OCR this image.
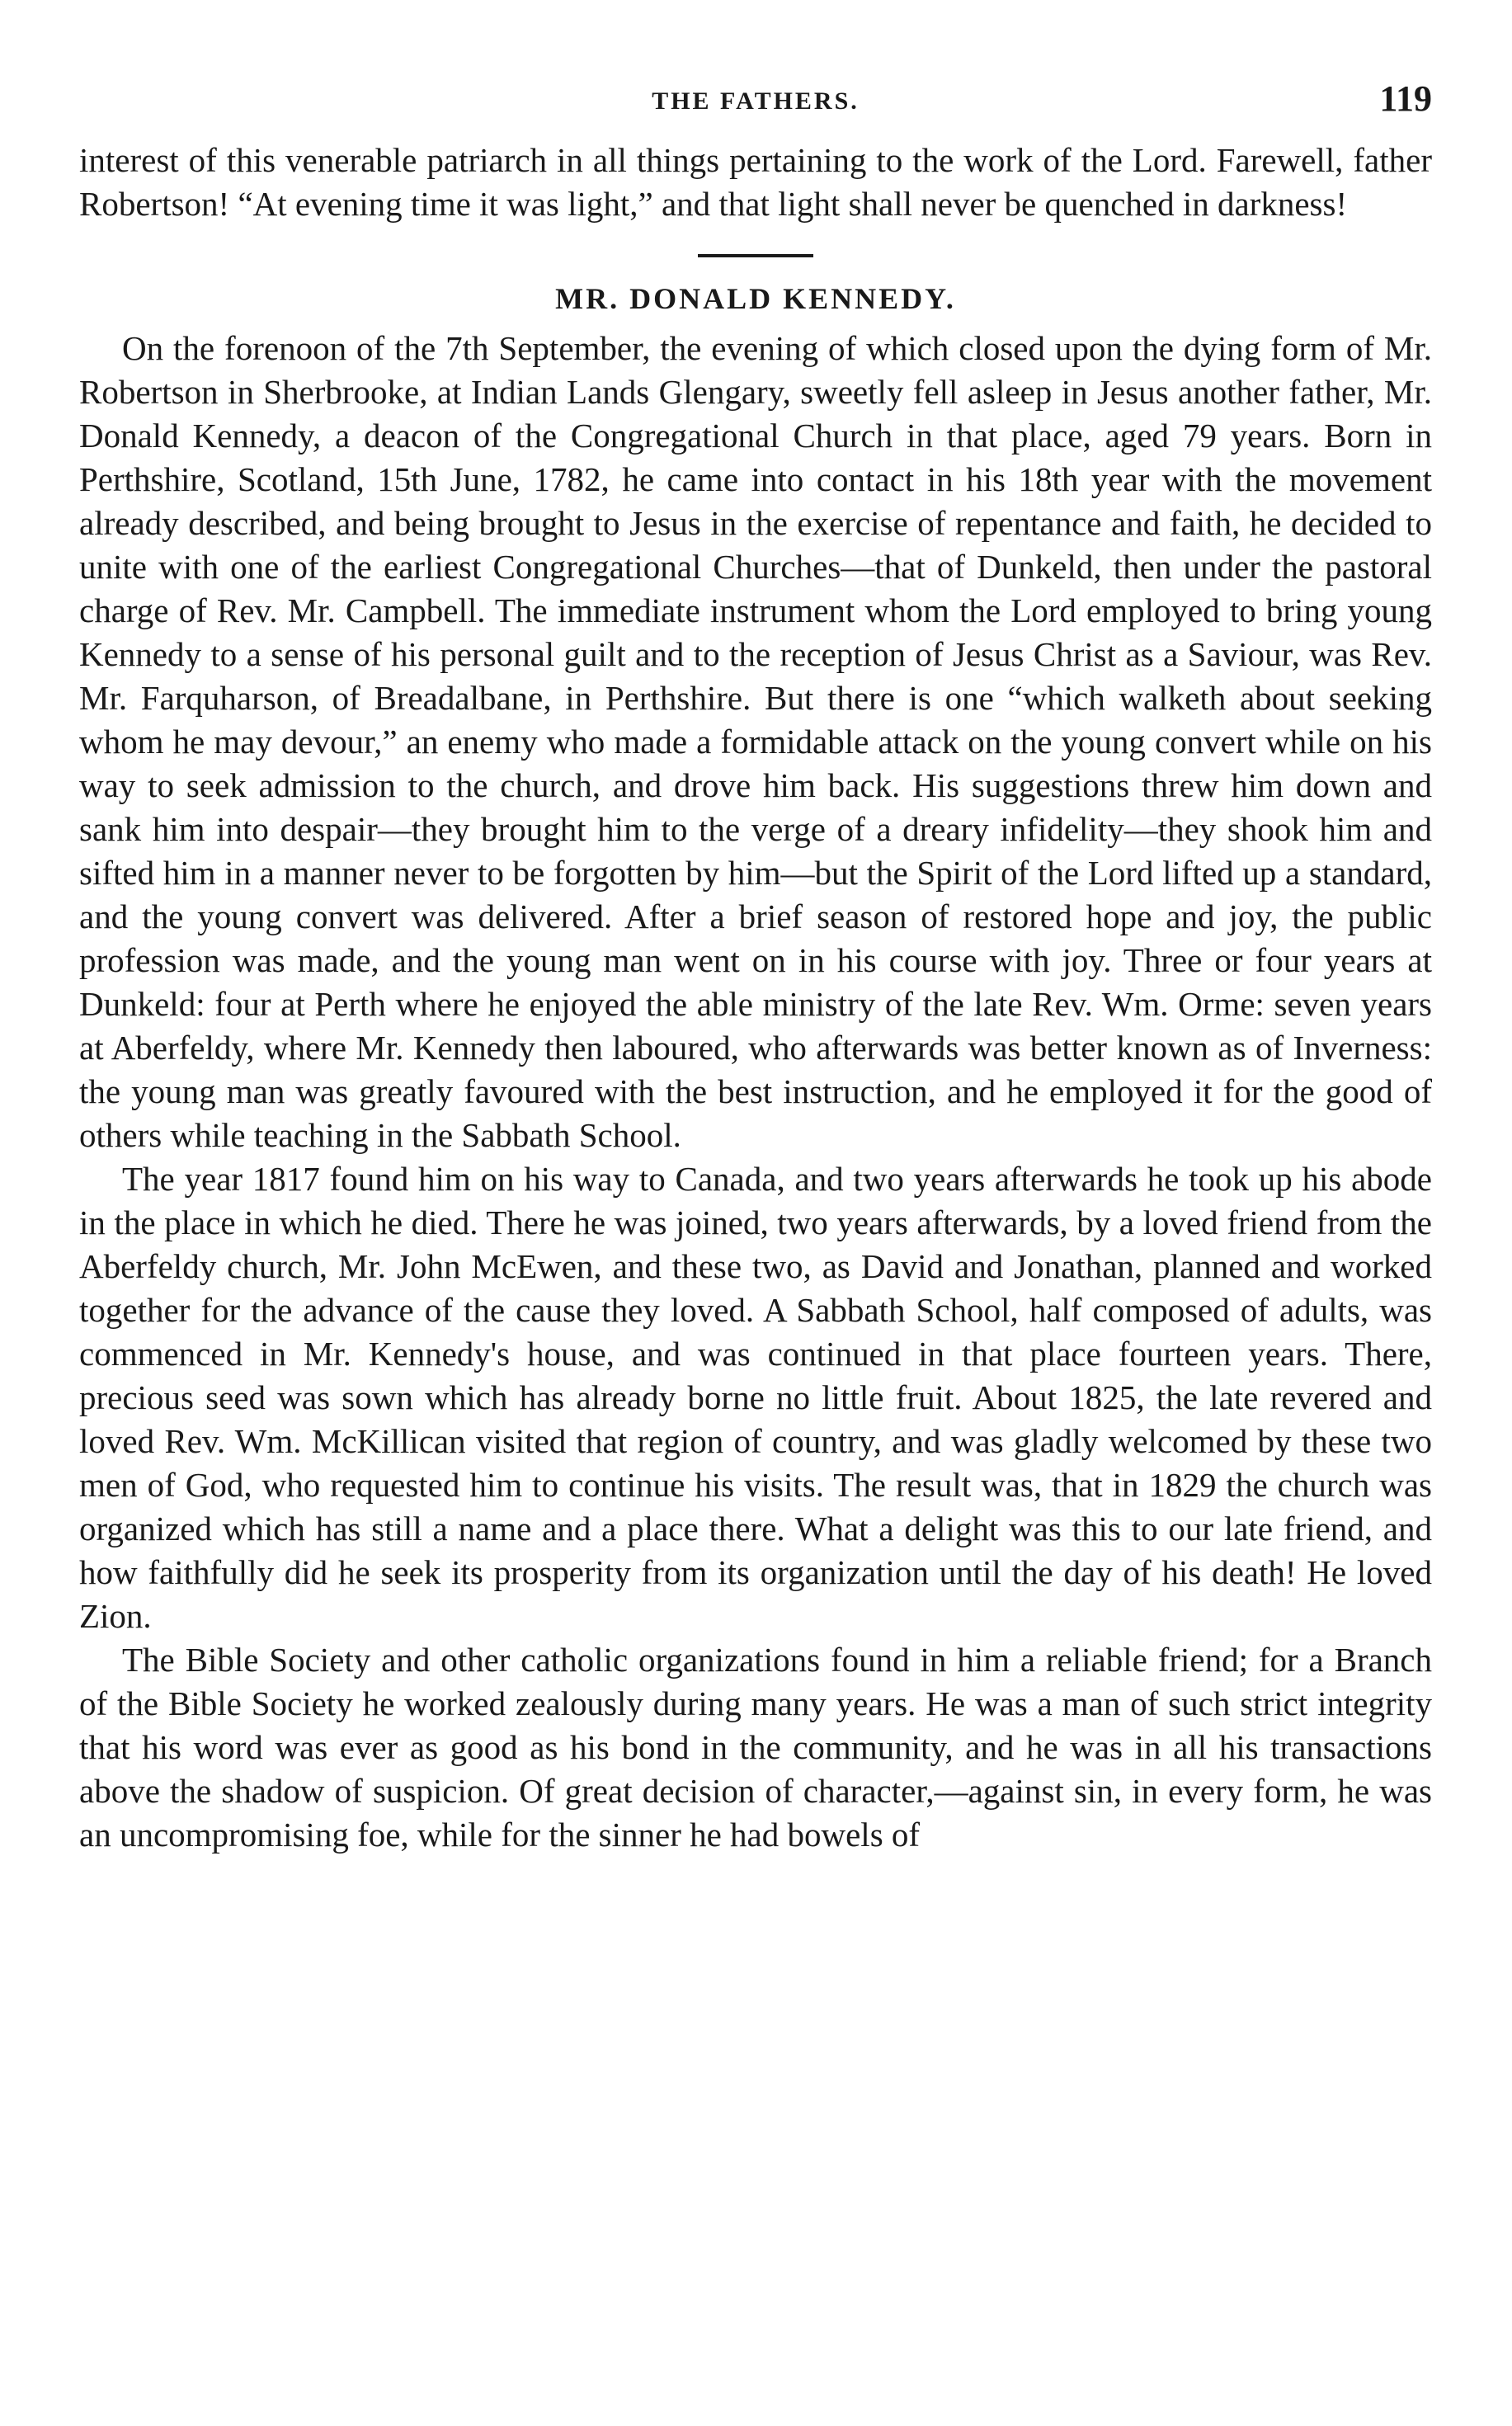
THE FATHERS.	119

interest of this venerable patriarch in all things pertaining to the work of the Lord. Farewell, father Robertson! “At evening time it was light,” and that light shall never be quenched in darkness!

MR. DONALD KENNEDY.

On the forenoon of the 7th September, the evening of which closed upon the dying form of Mr. Robertson in Sherbrooke, at Indian Lands Glengary, sweetly fell asleep in Jesus another father, Mr. Donald Kennedy, a deacon of the Congregational Church in that place, aged 79 years. Born in Perthshire, Scotland, 15th June, 1782, he came into contact in his 18th year with the movement already described, and being brought to Jesus in the exercise of repentance and faith, he decided to unite with one of the earliest Congregational Churches—that of Dunkeld, then under the pastoral charge of Rev. Mr. Campbell. The immediate instrument whom the Lord employed to bring young Kennedy to a sense of his personal guilt and to the reception of Jesus Christ as a Saviour, was Rev. Mr. Farquharson, of Breadalbane, in Perthshire. But there is one “which walketh about seeking whom he may devour,” an enemy who made a formidable attack on the young convert while on his way to seek admission to the church, and drove him back. His suggestions threw him down and sank him into despair—they brought him to the verge of a dreary infidelity—they shook him and sifted him in a manner never to be forgotten by him—but the Spirit of the Lord lifted up a standard, and the young convert was delivered. After a brief season of restored hope and joy, the public profession was made, and the young man went on in his course with joy. Three or four years at Dunkeld: four at Perth where he enjoyed the able ministry of the late Rev. Wm. Orme: seven years at Aberfeldy, where Mr. Kennedy then laboured, who afterwards was better known as of Inverness: the young man was greatly favoured with the best instruction, and he employed it for the good of others while teaching in the Sabbath School.

The year 1817 found him on his way to Canada, and two years afterwards he took up his abode in the place in which he died. There he was joined, two years afterwards, by a loved friend from the Aberfeldy church, Mr. John McEwen, and these two, as David and Jonathan, planned and worked together for the advance of the cause they loved. A Sabbath School, half composed of adults, was commenced in Mr. Kennedy's house, and was continued in that place fourteen years. There, precious seed was sown which has already borne no little fruit. About 1825, the late revered and loved Rev. Wm. McKillican visited that region of country, and was gladly welcomed by these two men of God, who requested him to continue his visits. The result was, that in 1829 the church was organized which has still a name and a place there. What a delight was this to our late friend, and how faithfully did he seek its prosperity from its organization until the day of his death! He loved Zion.

The Bible Society and other catholic organizations found in him a reliable friend; for a Branch of the Bible Society he worked zealously during many years. He was a man of such strict integrity that his word was ever as good as his bond in the community, and he was in all his transactions above the shadow of suspicion. Of great decision of character,—against sin, in every form, he was an uncompromising foe, while for the sinner he had bowels of
